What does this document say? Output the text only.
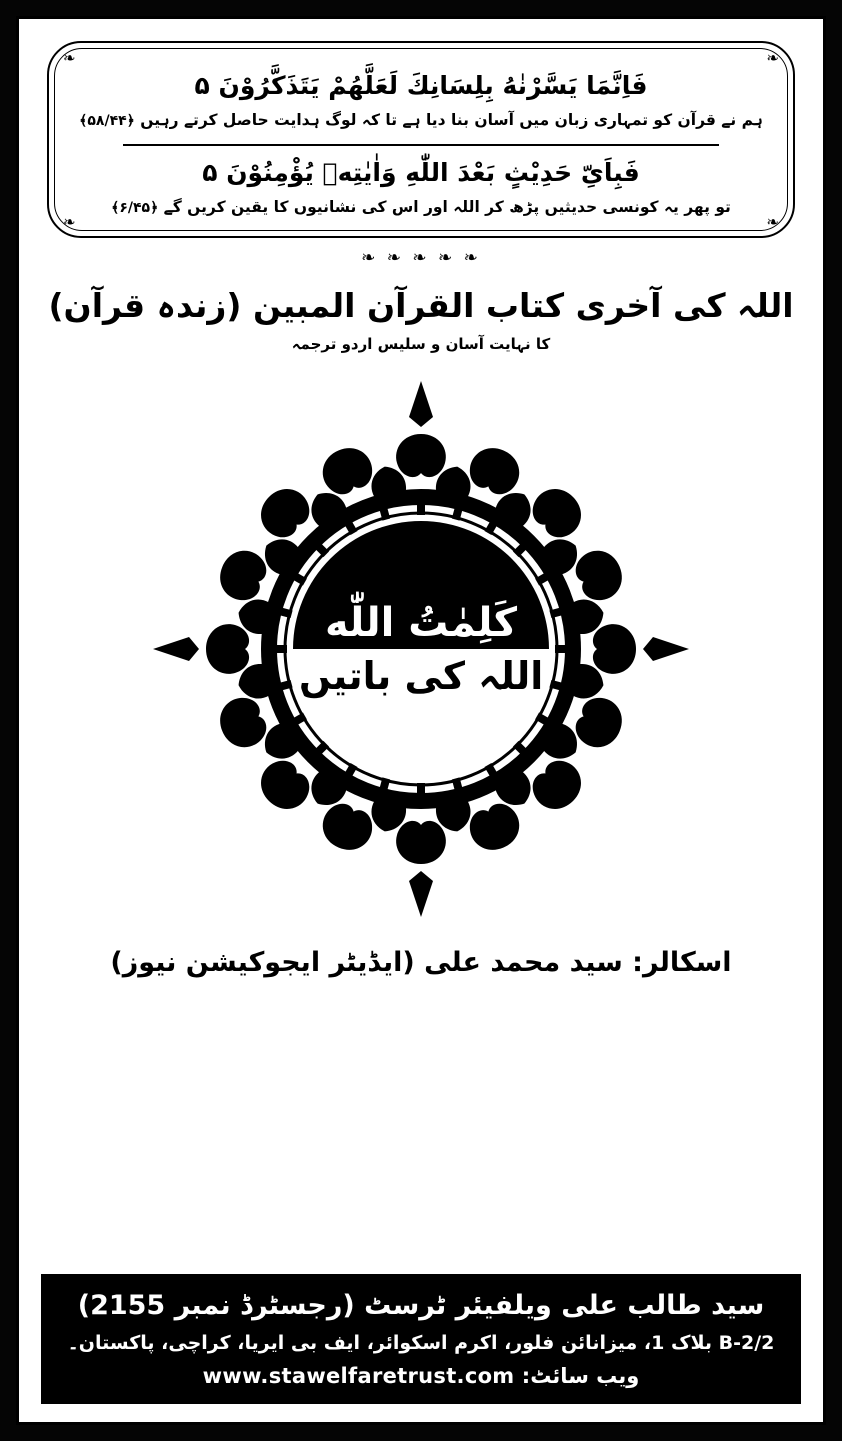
❧	❧
❧	❧
فَاِنَّمَا یَسَّرْنٰهُ بِلِسَانِكَ لَعَلَّهُمْ یَتَذَكَّرُوْنَ ۵
ہم نے قرآن کو تمہاری زبان میں آسان بنا دیا ہے تا کہ لوگ ہدایت حاصل کرتے رہیں ﴿۵۸/۴۴﴾
فَبِاَیِّ حَدِیْثٍ بَعْدَ اللّٰهِ وَاٰیٰتِهٖ یُؤْمِنُوْنَ ۵
تو پھر یہ کونسی حدیثیں پڑھ کر اللہ اور اس کی نشانیوں کا یقین کریں گے ﴿۶/۴۵﴾
❧ ❧ ❧ ❧ ❧
اللہ کی آخری کتاب القرآن المبین (زندہ قرآن)
کا نہایت آسان و سلیس اردو ترجمہ
كَلِمٰتُ اللّٰه
اللہ کی باتیں
اسکالر: سید محمد علی (ایڈیٹر ایجوکیشن نیوز)
سید طالب علی ویلفیئر ٹرسٹ (رجسٹرڈ نمبر 2155)
B-2/2 بلاک 1، میزانائن فلور، اکرم اسکوائر، ایف بی ایریا، کراچی، پاکستان۔
ویب سائٹ: www.stawelfaretrust.com
